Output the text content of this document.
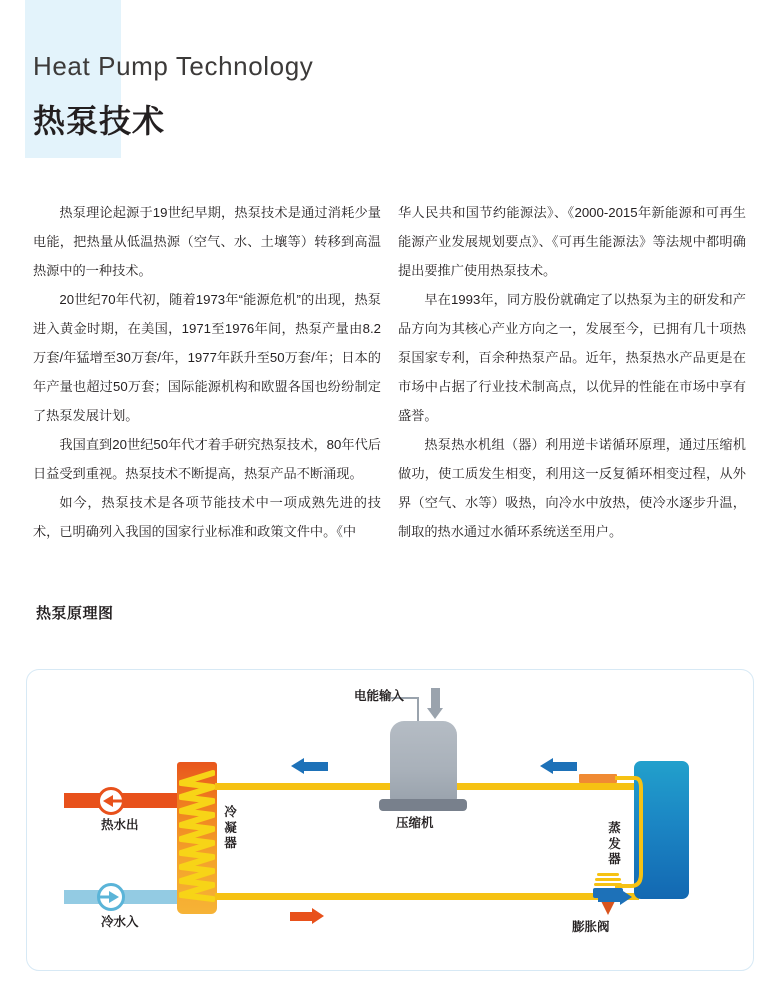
Heat Pump Technology
热泵技术

热泵理论起源于19世纪早期，热泵技术是通过消耗少量电能，把热量从低温热源（空气、水、土壤等）转移到高温热源中的一种技术。

20世纪70年代初，随着1973年“能源危机”的出现，热泵进入黄金时期，在美国，1971至1976年间，热泵产量由8.2万套/年猛增至30万套/年，1977年跃升至50万套/年；日本的年产量也超过50万套；国际能源机构和欧盟各国也纷纷制定了热泵发展计划。

我国直到20世纪50年代才着手研究热泵技术，80年代后日益受到重视。热泵技术不断提高，热泵产品不断涌现。

如今，热泵技术是各项节能技术中一项成熟先进的技术，已明确列入我国的国家行业标准和政策文件中。《中

华人民共和国节约能源法》、《2000-2015年新能源和可再生能源产业发展规划要点》、《可再生能源法》等法规中都明确提出要推广使用热泵技术。

早在1993年，同方股份就确定了以热泵为主的研发和产品方向为其核心产业方向之一，发展至今，已拥有几十项热泵国家专利，百余种热泵产品。近年，热泵热水产品更是在市场中占据了行业技术制高点，以优异的性能在市场中享有盛誉。

热泵热水机组（器）利用逆卡诺循环原理，通过压缩机做功，使工质发生相变，利用这一反复循环相变过程，从外界（空气、水等）吸热，向冷水中放热，使冷水逐步升温，制取的热水通过水循环系统送至用户。

热泵原理图
电能输入
热水出
冷水入
冷凝器
压缩机	蒸发器
膨胀阀
